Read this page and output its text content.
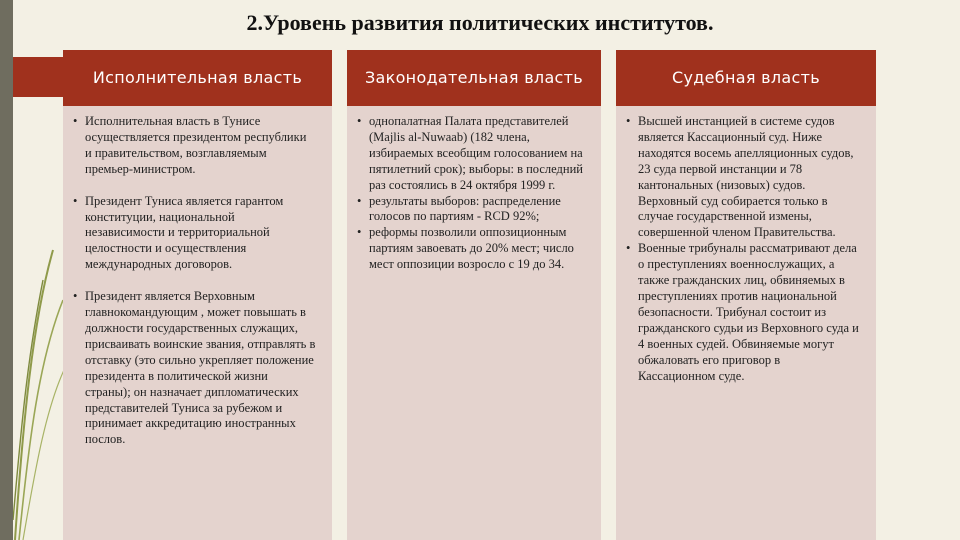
2.Уровень развития политических институтов.
Исполнительная власть
• Исполнительная власть в Тунисе осуществляется президентом республики и правительством, возглавляемым премьер-министром.
• Президент Туниса является гарантом конституции, национальной независимости и территориальной целостности и осуществления международных договоров.
• Президент является Верховным главнокомандующим , может повышать в должности государственных служащих, присваивать воинские звания, отправлять в отставку (это сильно укрепляет положение президента в политической жизни страны); он назначает дипломатических представителей Туниса за рубежом и принимает аккредитацию иностранных послов.
Законодательная власть
• однопалатная Палата представителей (Majlis al-Nuwaab) (182 члена, избираемых всеобщим голосованием на пятилетний срок); выборы: в последний раз состоялись в 24 октября 1999 г.
• результаты выборов: распределение голосов по партиям - RCD 92%;
• реформы позволили оппозиционным партиям завоевать до 20% мест; число мест оппозиции возросло с 19 до 34.
Судебная власть
• Высшей инстанцией в системе судов является Кассационный суд. Ниже находятся восемь апелляционных судов, 23 суда первой инстанции и 78 кантональных (низовых) судов. Верховный суд собирается только в случае государственной измены, совершенной членом Правительства.
• Военные трибуналы рассматривают дела о преступлениях военнослужащих, а также гражданских лиц, обвиняемых в преступлениях против национальной безопасности. Трибунал состоит из гражданского судьи из Верховного суда и 4 военных судей. Обвиняемые могут обжаловать его приговор в Кассационном суде.
